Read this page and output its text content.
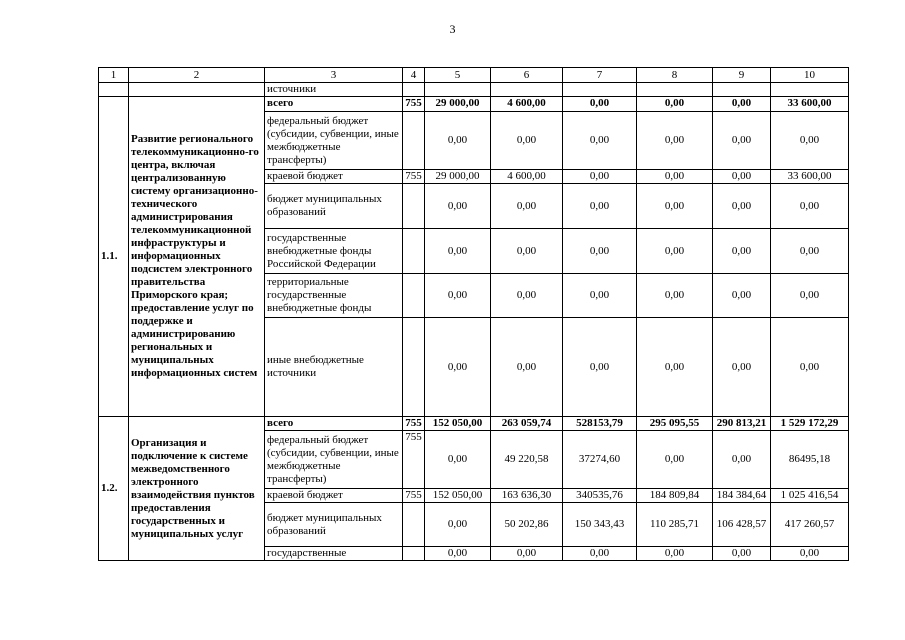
3
1	2	3	4	5	6	7	8	9	10
		источники							
1.1.	Развитие регионального телекоммуникационно-го центра, включая централизованную систему организационно-технического администрирования телекоммуникационной инфраструктуры и информационных подсистем электронного правительства Приморского края; предоставление услуг по поддержке и администрированию региональных и муниципальных информационных систем	всего	755	29 000,00	4 600,00	0,00	0,00	0,00	33 600,00
		федеральный бюджет (субсидии, субвенции, иные межбюджетные трансферты)		0,00	0,00	0,00	0,00	0,00	0,00
		краевой бюджет	755	29 000,00	4 600,00	0,00	0,00	0,00	33 600,00
		бюджет муниципальных образований		0,00	0,00	0,00	0,00	0,00	0,00
		государственные внебюджетные фонды Российской Федерации		0,00	0,00	0,00	0,00	0,00	0,00
		территориальные государственные внебюджетные фонды		0,00	0,00	0,00	0,00	0,00	0,00
		иные внебюджетные источники		0,00	0,00	0,00	0,00	0,00	0,00
1.2.	Организация и подключение к системе межведомственного электронного взаимодействия пунктов предоставления государственных и муниципальных услуг	всего	755	152 050,00	263 059,74	528153,79	295 095,55	290 813,21	1 529 172,29
		федеральный бюджет (субсидии, субвенции, иные межбюджетные трансферты)	755	0,00	49 220,58	37274,60	0,00	0,00	86495,18
		краевой бюджет	755	152 050,00	163 636,30	340535,76	184 809,84	184 384,64	1 025 416,54
		бюджет муниципальных образований		0,00	50 202,86	150 343,43	110 285,71	106 428,57	417 260,57
		государственные		0,00	0,00	0,00	0,00	0,00	0,00
